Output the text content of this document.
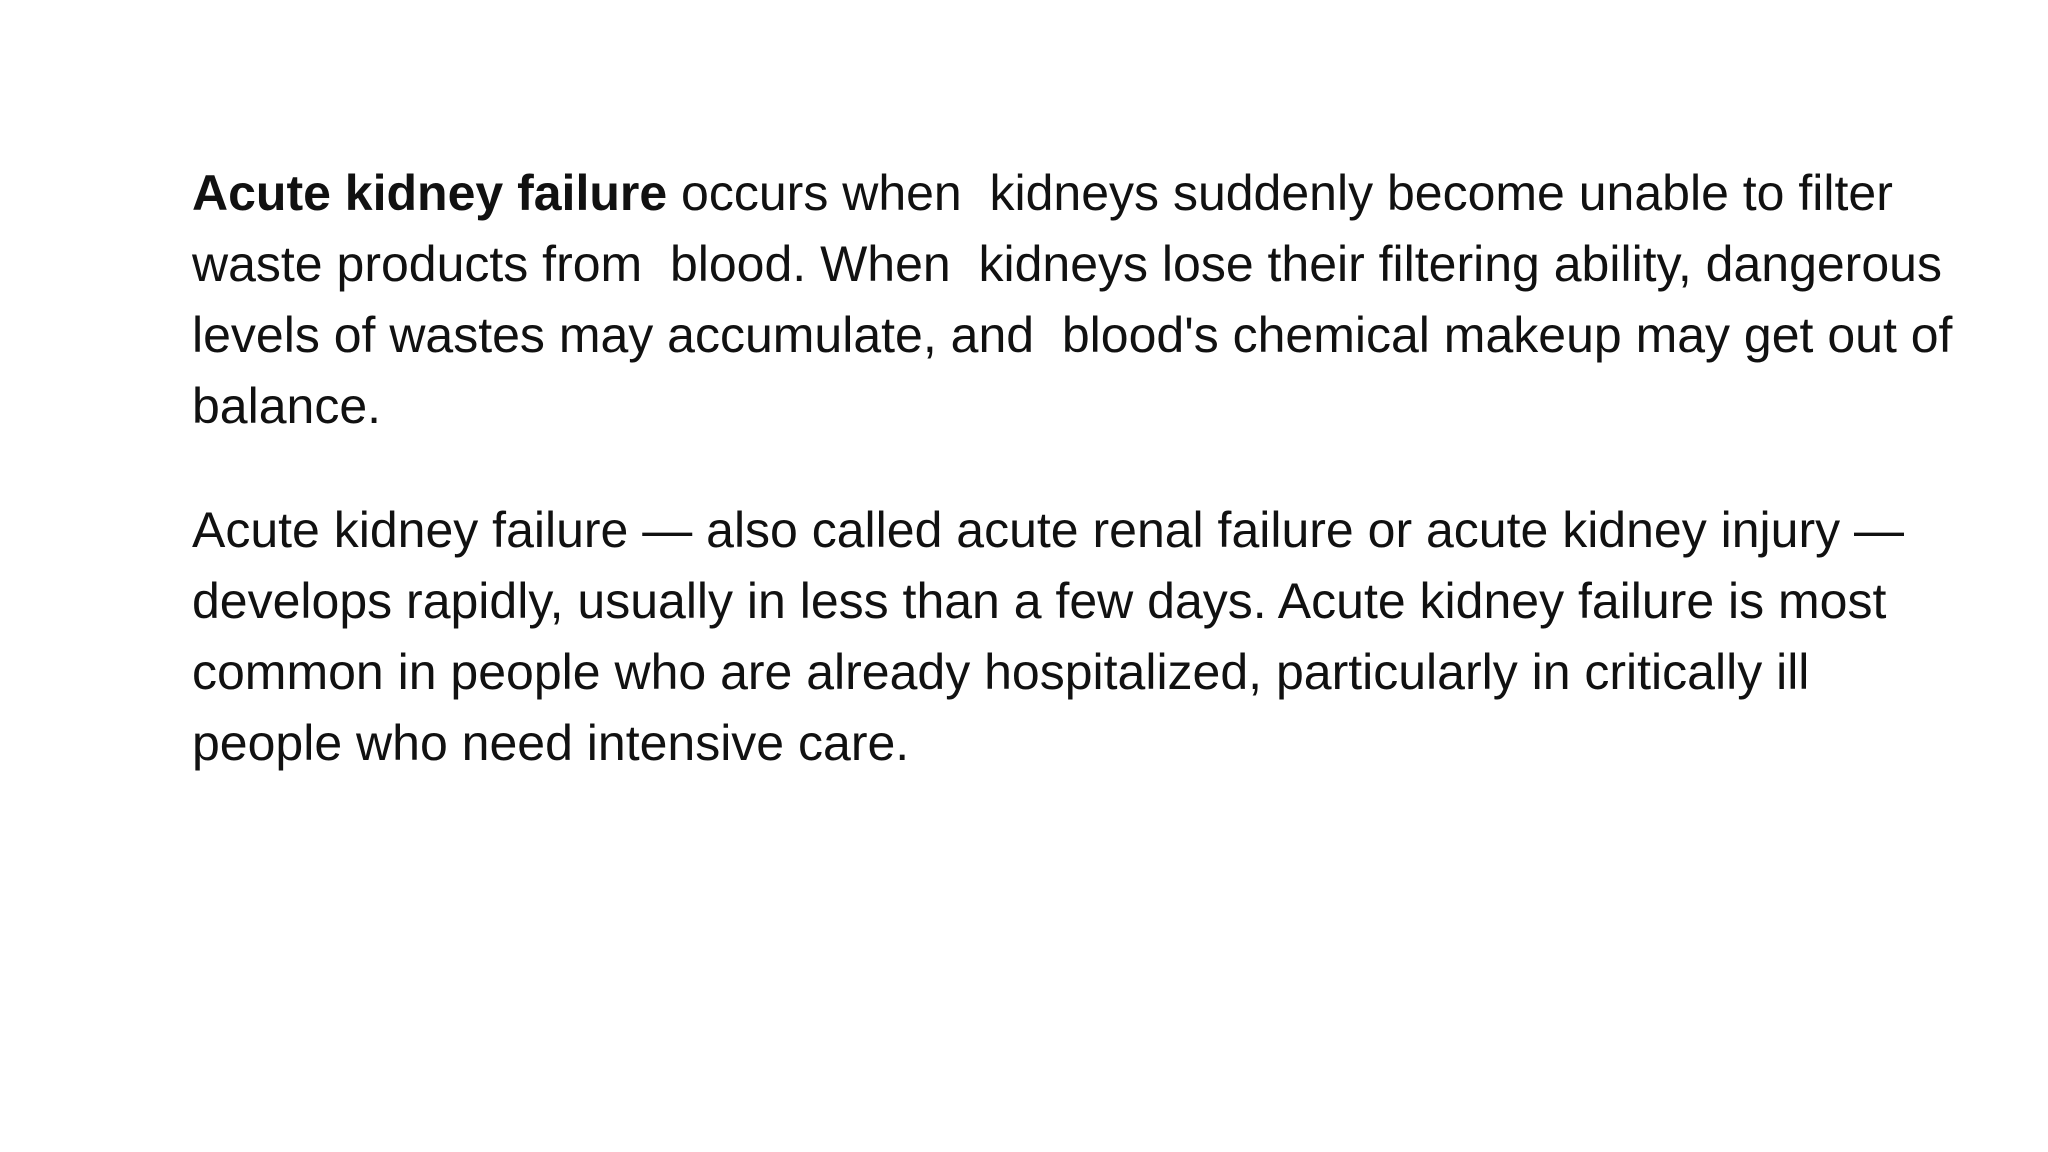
Acute kidney failure occurs when  kidneys suddenly become unable to filter waste products from  blood. When  kidneys lose their filtering ability, dangerous levels of wastes may accumulate, and  blood's chemical makeup may get out of balance.

Acute kidney failure — also called acute renal failure or acute kidney injury — develops rapidly, usually in less than a few days. Acute kidney failure is most common in people who are already hospitalized, particularly in critically ill people who need intensive care.
